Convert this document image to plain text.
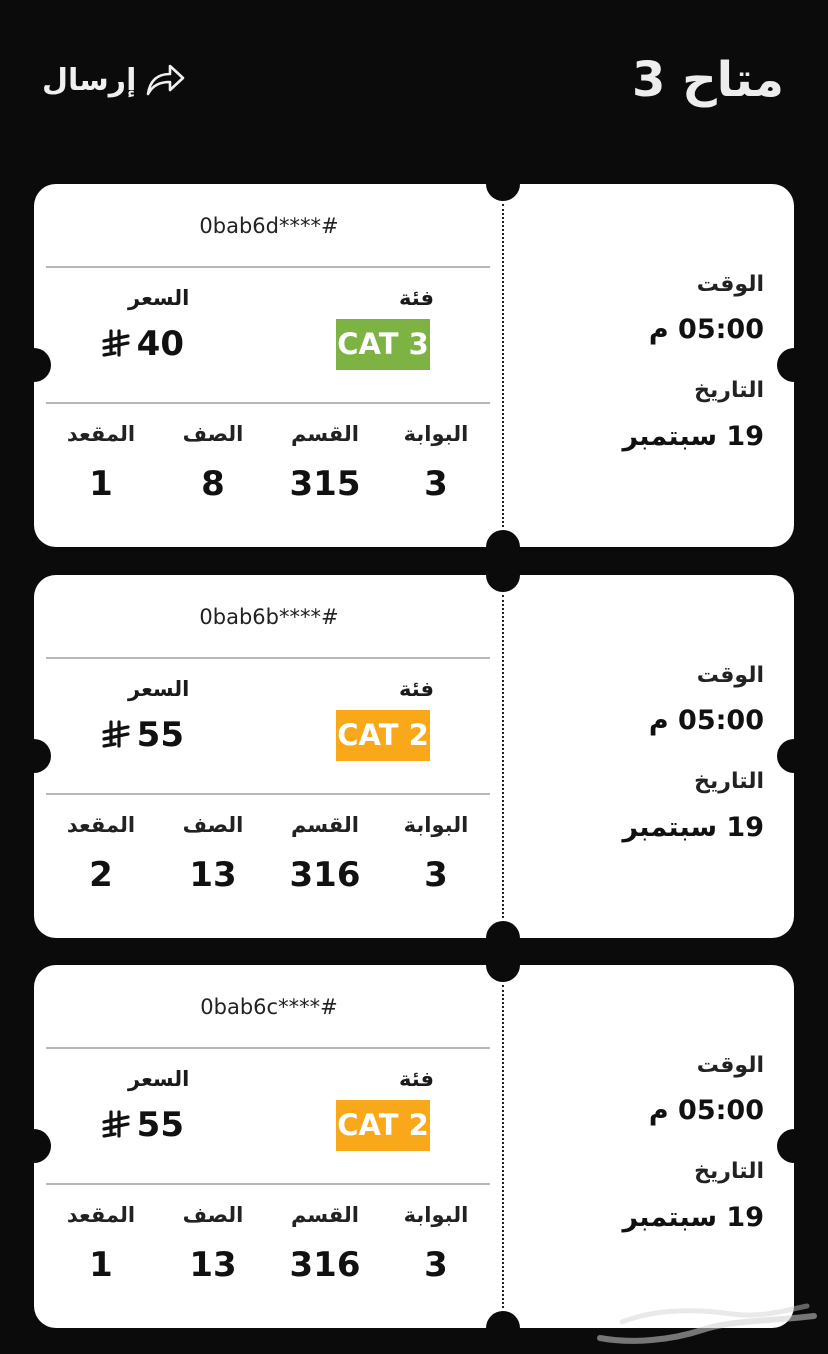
إرسال	متاح 3
0bab6d****#
فئة
السعر
CAT 3
40
البوابة
القسم
الصف
المقعد
3
315
8
1
الوقت
05:00 م
التاريخ
19 سبتمبر
0bab6b****#
فئة
السعر
CAT 2
55
البوابة
القسم
الصف
المقعد
3
316
13
2
الوقت
05:00 م
التاريخ
19 سبتمبر
0bab6c****#
فئة
السعر
CAT 2
55
البوابة
القسم
الصف
المقعد
3
316
13
1
الوقت
05:00 م
التاريخ
19 سبتمبر
